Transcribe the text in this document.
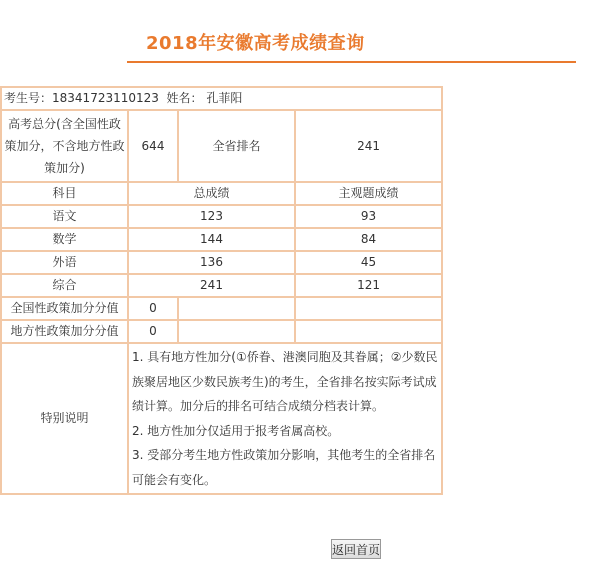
2018年安徽高考成绩查询
考生号：18341723110123 姓名： 孔菲阳			
高考总分(含全国性政策加分，不含地方性政策加分)	644	全省排名	241
科目	总成绩		主观题成绩
语文	123		93
数学	144		84
外语	136		45
综合	241		121
全国性政策加分分值	0		
地方性政策加分分值	0		
特别说明	1. 具有地方性加分(①侨眷、港澳同胞及其眷属；②少数民族聚居地区少数民族考生)的考生，全省排名按实际考试成绩计算。加分后的排名可结合成绩分档表计算。
2. 地方性加分仅适用于报考省属高校。
3. 受部分考生地方性政策加分影响，其他考生的全省排名可能会有变化。		
返回首页
